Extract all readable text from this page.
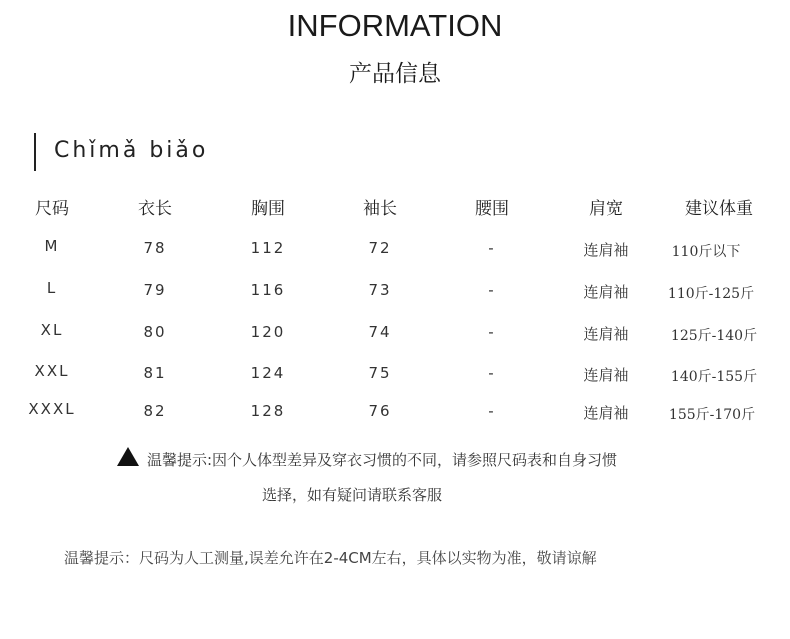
INFORMATION
产品信息
Chǐmǎ biǎo
尺码	衣长	胸围	袖长	腰围	肩宽	建议体重
M	78	112	72	-	连肩袖	110斤以下
L	79	116	73	-	连肩袖	110斤-125斤
XL	80	120	74	-	连肩袖	125斤-140斤
XXL	81	124	75	-	连肩袖	140斤-155斤
XXXL	82	128	76	-	连肩袖	155斤-170斤
温馨提示:因个人体型差异及穿衣习惯的不同，请参照尺码表和自身习惯
选择，如有疑问请联系客服
温馨提示：尺码为人工测量,误差允许在2-4CM左右，具体以实物为准，敬请谅解
